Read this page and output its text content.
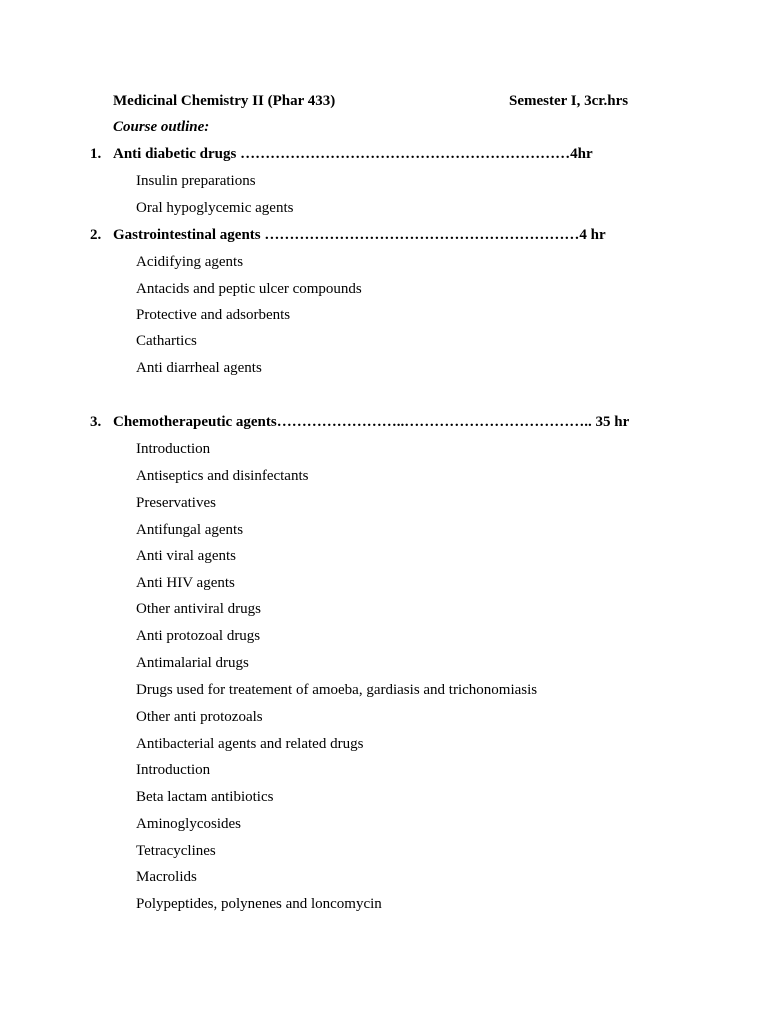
Medicinal Chemistry II (Phar 433)	Semester I, 3cr.hrs
Course outline:
1. Anti diabetic drugs …………………………………………………………4hr
Insulin preparations
Oral hypoglycemic agents
2. Gastrointestinal agents ………………………………………………………4 hr
Acidifying agents
Antacids and peptic ulcer compounds
Protective and adsorbents
Cathartics
Anti diarrheal agents
3. Chemotherapeutic agents……………………..……………………………….. 35 hr
Introduction
Antiseptics and disinfectants
Preservatives
Antifungal agents
Anti viral agents
Anti HIV agents
Other antiviral drugs
Anti protozoal drugs
Antimalarial drugs
Drugs used for treatement of amoeba, gardiasis and trichonomiasis
Other anti protozoals
Antibacterial agents and related drugs
Introduction
Beta lactam antibiotics
Aminoglycosides
Tetracyclines
Macrolids
Polypeptides, polynenes and loncomycin
